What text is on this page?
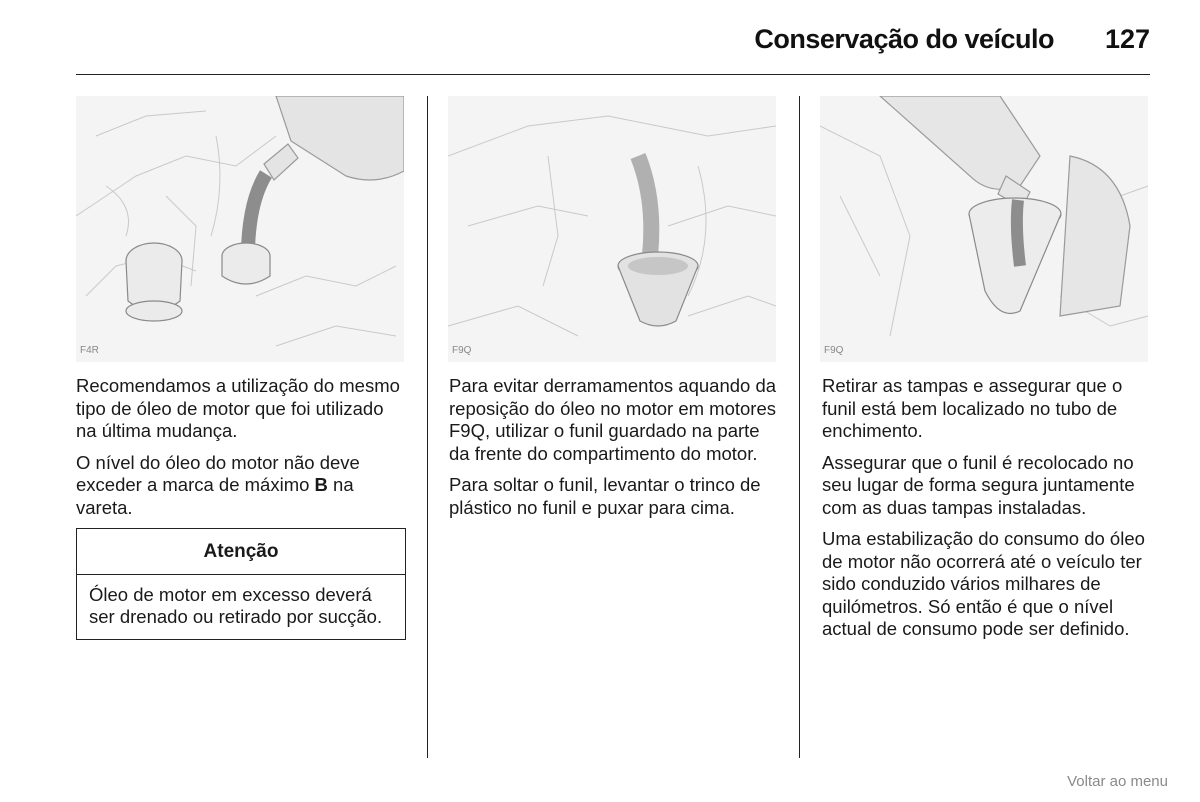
Conservação do veículo 127
F4R	F9Q	F9Q

Recomendamos a utilização do mesmo tipo de óleo de motor que foi utilizado na última mudança.

O nível do óleo do motor não deve exceder a marca de máximo B na vareta.

Atenção
Óleo de motor em excesso deverá ser drenado ou retirado por sucção.

Para evitar derramamentos aquando da reposição do óleo no motor em motores F9Q, utilizar o funil guardado na parte da frente do compartimento do motor.

Para soltar o funil, levantar o trinco de plástico no funil e puxar para cima.

Retirar as tampas e assegurar que o funil está bem localizado no tubo de enchimento.

Assegurar que o funil é recolocado no seu lugar de forma segura juntamente com as duas tampas instaladas.

Uma estabilização do consumo do óleo de motor não ocorrerá até o veículo ter sido conduzido vários milhares de quilómetros. Só então é que o nível actual de consumo pode ser definido.

Voltar ao menu
